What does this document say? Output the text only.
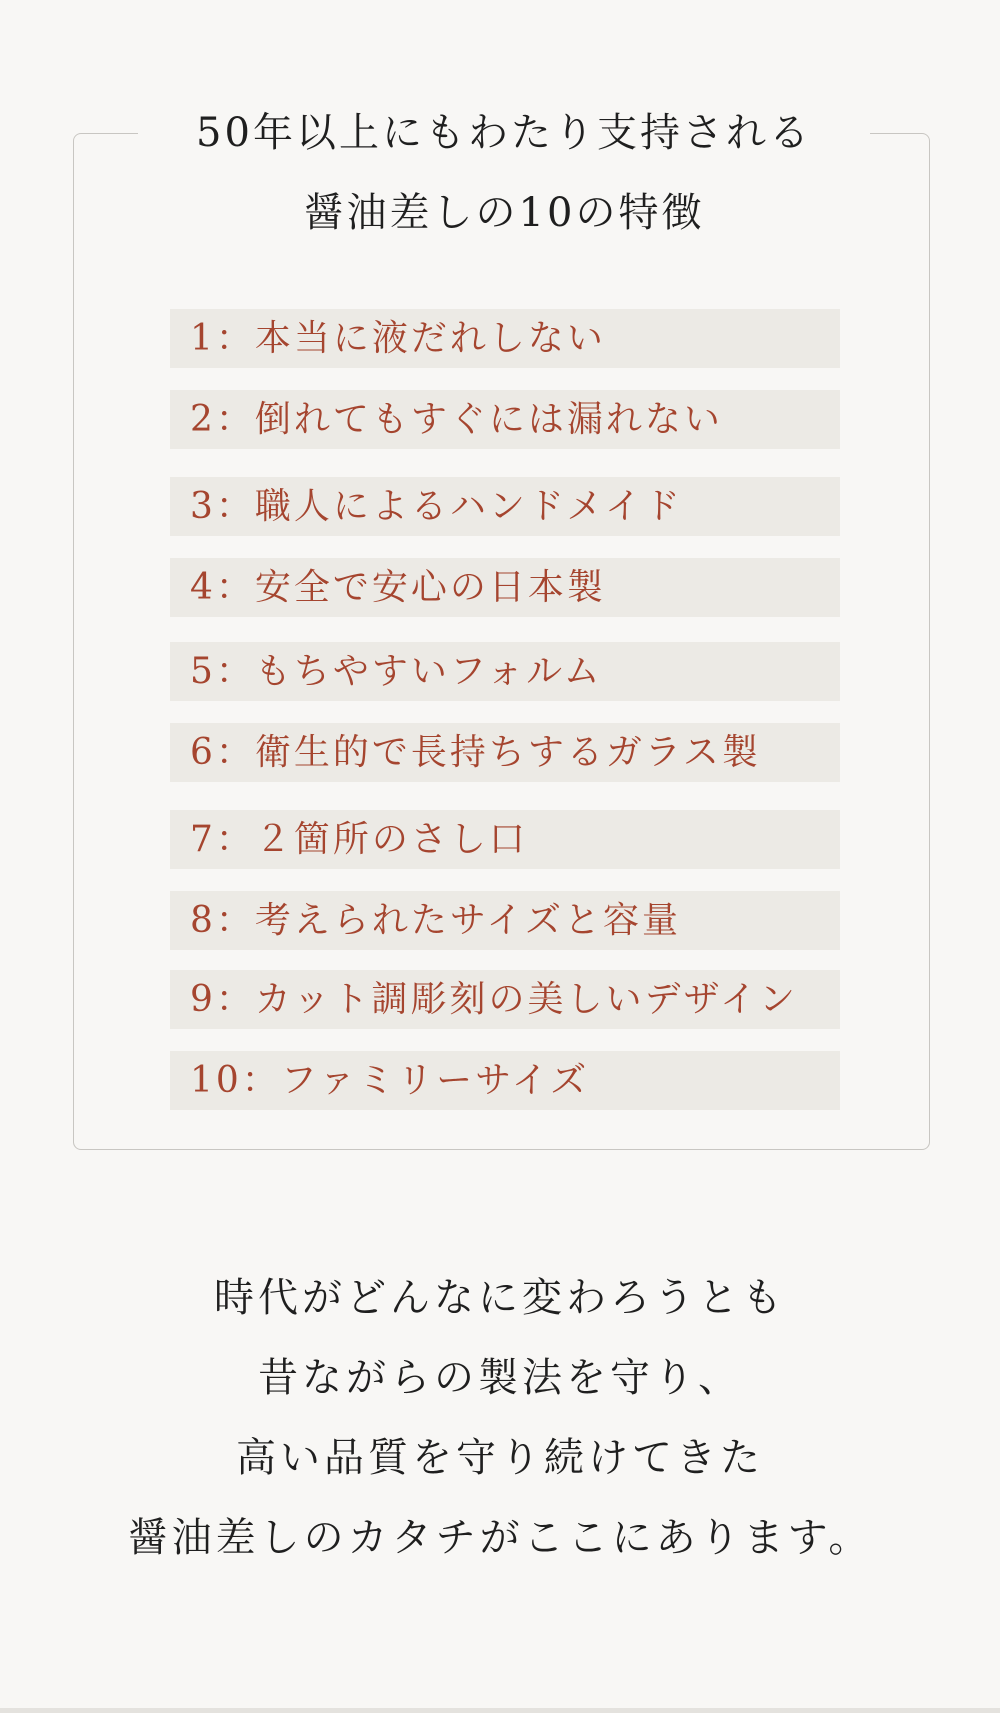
50年以上にもわたり支持される
醤油差しの10の特徴
1：本当に液だれしない
2：倒れてもすぐには漏れない
3：職人によるハンドメイド
4：安全で安心の日本製
5：もちやすいフォルム
6：衛生的で長持ちするガラス製
7：２箇所のさし口
8：考えられたサイズと容量
9：カット調彫刻の美しいデザイン
10：ファミリーサイズ
時代がどんなに変わろうとも
昔ながらの製法を守り、
高い品質を守り続けてきた
醤油差しのカタチがここにあります。
